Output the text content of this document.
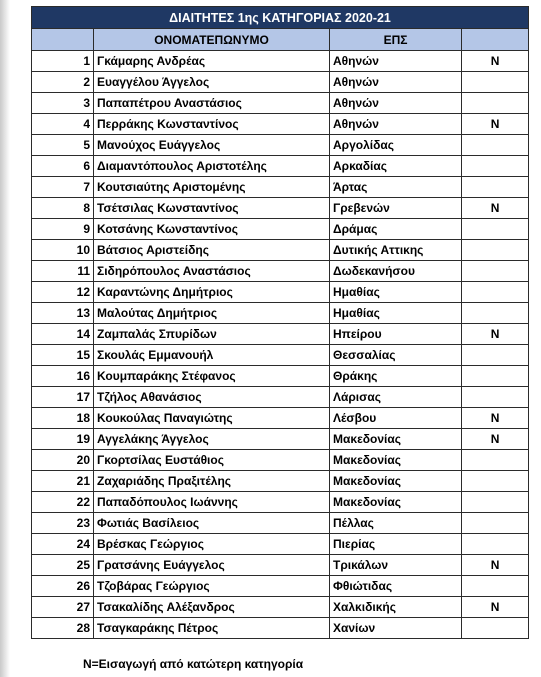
ΔΙΑΙΤΗΤΕΣ 1ης ΚΑΤΗΓΟΡΙΑΣ 2020-21			
	ΟΝΟΜΑΤΕΠΩΝΥΜΟ	ΕΠΣ	
1	Γκάμαρης Ανδρέας	Αθηνών	N
2	Ευαγγέλου Άγγελος	Αθηνών	
3	Παπαπέτρου Αναστάσιος	Αθηνών	
4	Περράκης Κωνσταντίνος	Αθηνών	N
5	Μανούχος Ευάγγελος	Αργολίδας	
6	Διαμαντόπουλος Αριστοτέλης	Αρκαδίας	
7	Κουτσιαύτης Αριστομένης	Άρτας	
8	Τσέτσιλας Κωνσταντίνος	Γρεβενών	N
9	Κοτσάνης Κωνσταντίνος	Δράμας	
10	Βάτσιος Αριστείδης	Δυτικής Αττικης	
11	Σιδηρόπουλος Αναστάσιος	Δωδεκανήσου	
12	Καραντώνης Δημήτριος	Ημαθίας	
13	Μαλούτας Δημήτριος	Ημαθίας	
14	Ζαμπαλάς Σπυρίδων	Ηπείρου	N
15	Σκουλάς Εμμανουήλ	Θεσσαλίας	
16	Κουμπαράκης Στέφανος	Θράκης	
17	Τζήλος Αθανάσιος	Λάρισας	
18	Κουκούλας Παναγιώτης	Λέσβου	N
19	Αγγελάκης Άγγελος	Μακεδονίας	N
20	Γκορτσίλας Ευστάθιος	Μακεδονίας	
21	Ζαχαριάδης Πραξιτέλης	Μακεδονίας	
22	Παπαδόπουλος Ιωάννης	Μακεδονίας	
23	Φωτιάς Βασίλειος	Πέλλας	
24	Βρέσκας Γεώργιος	Πιερίας	
25	Γρατσάνης Ευάγγελος	Τρικάλων	N
26	Τζοβάρας Γεώργιος	Φθιώτιδας	
27	Τσακαλίδης Αλέξανδρος	Χαλκιδικής	N
28	Τσαγκαράκης Πέτρος	Χανίων	
N=Εισαγωγή από κατώτερη κατηγορία
